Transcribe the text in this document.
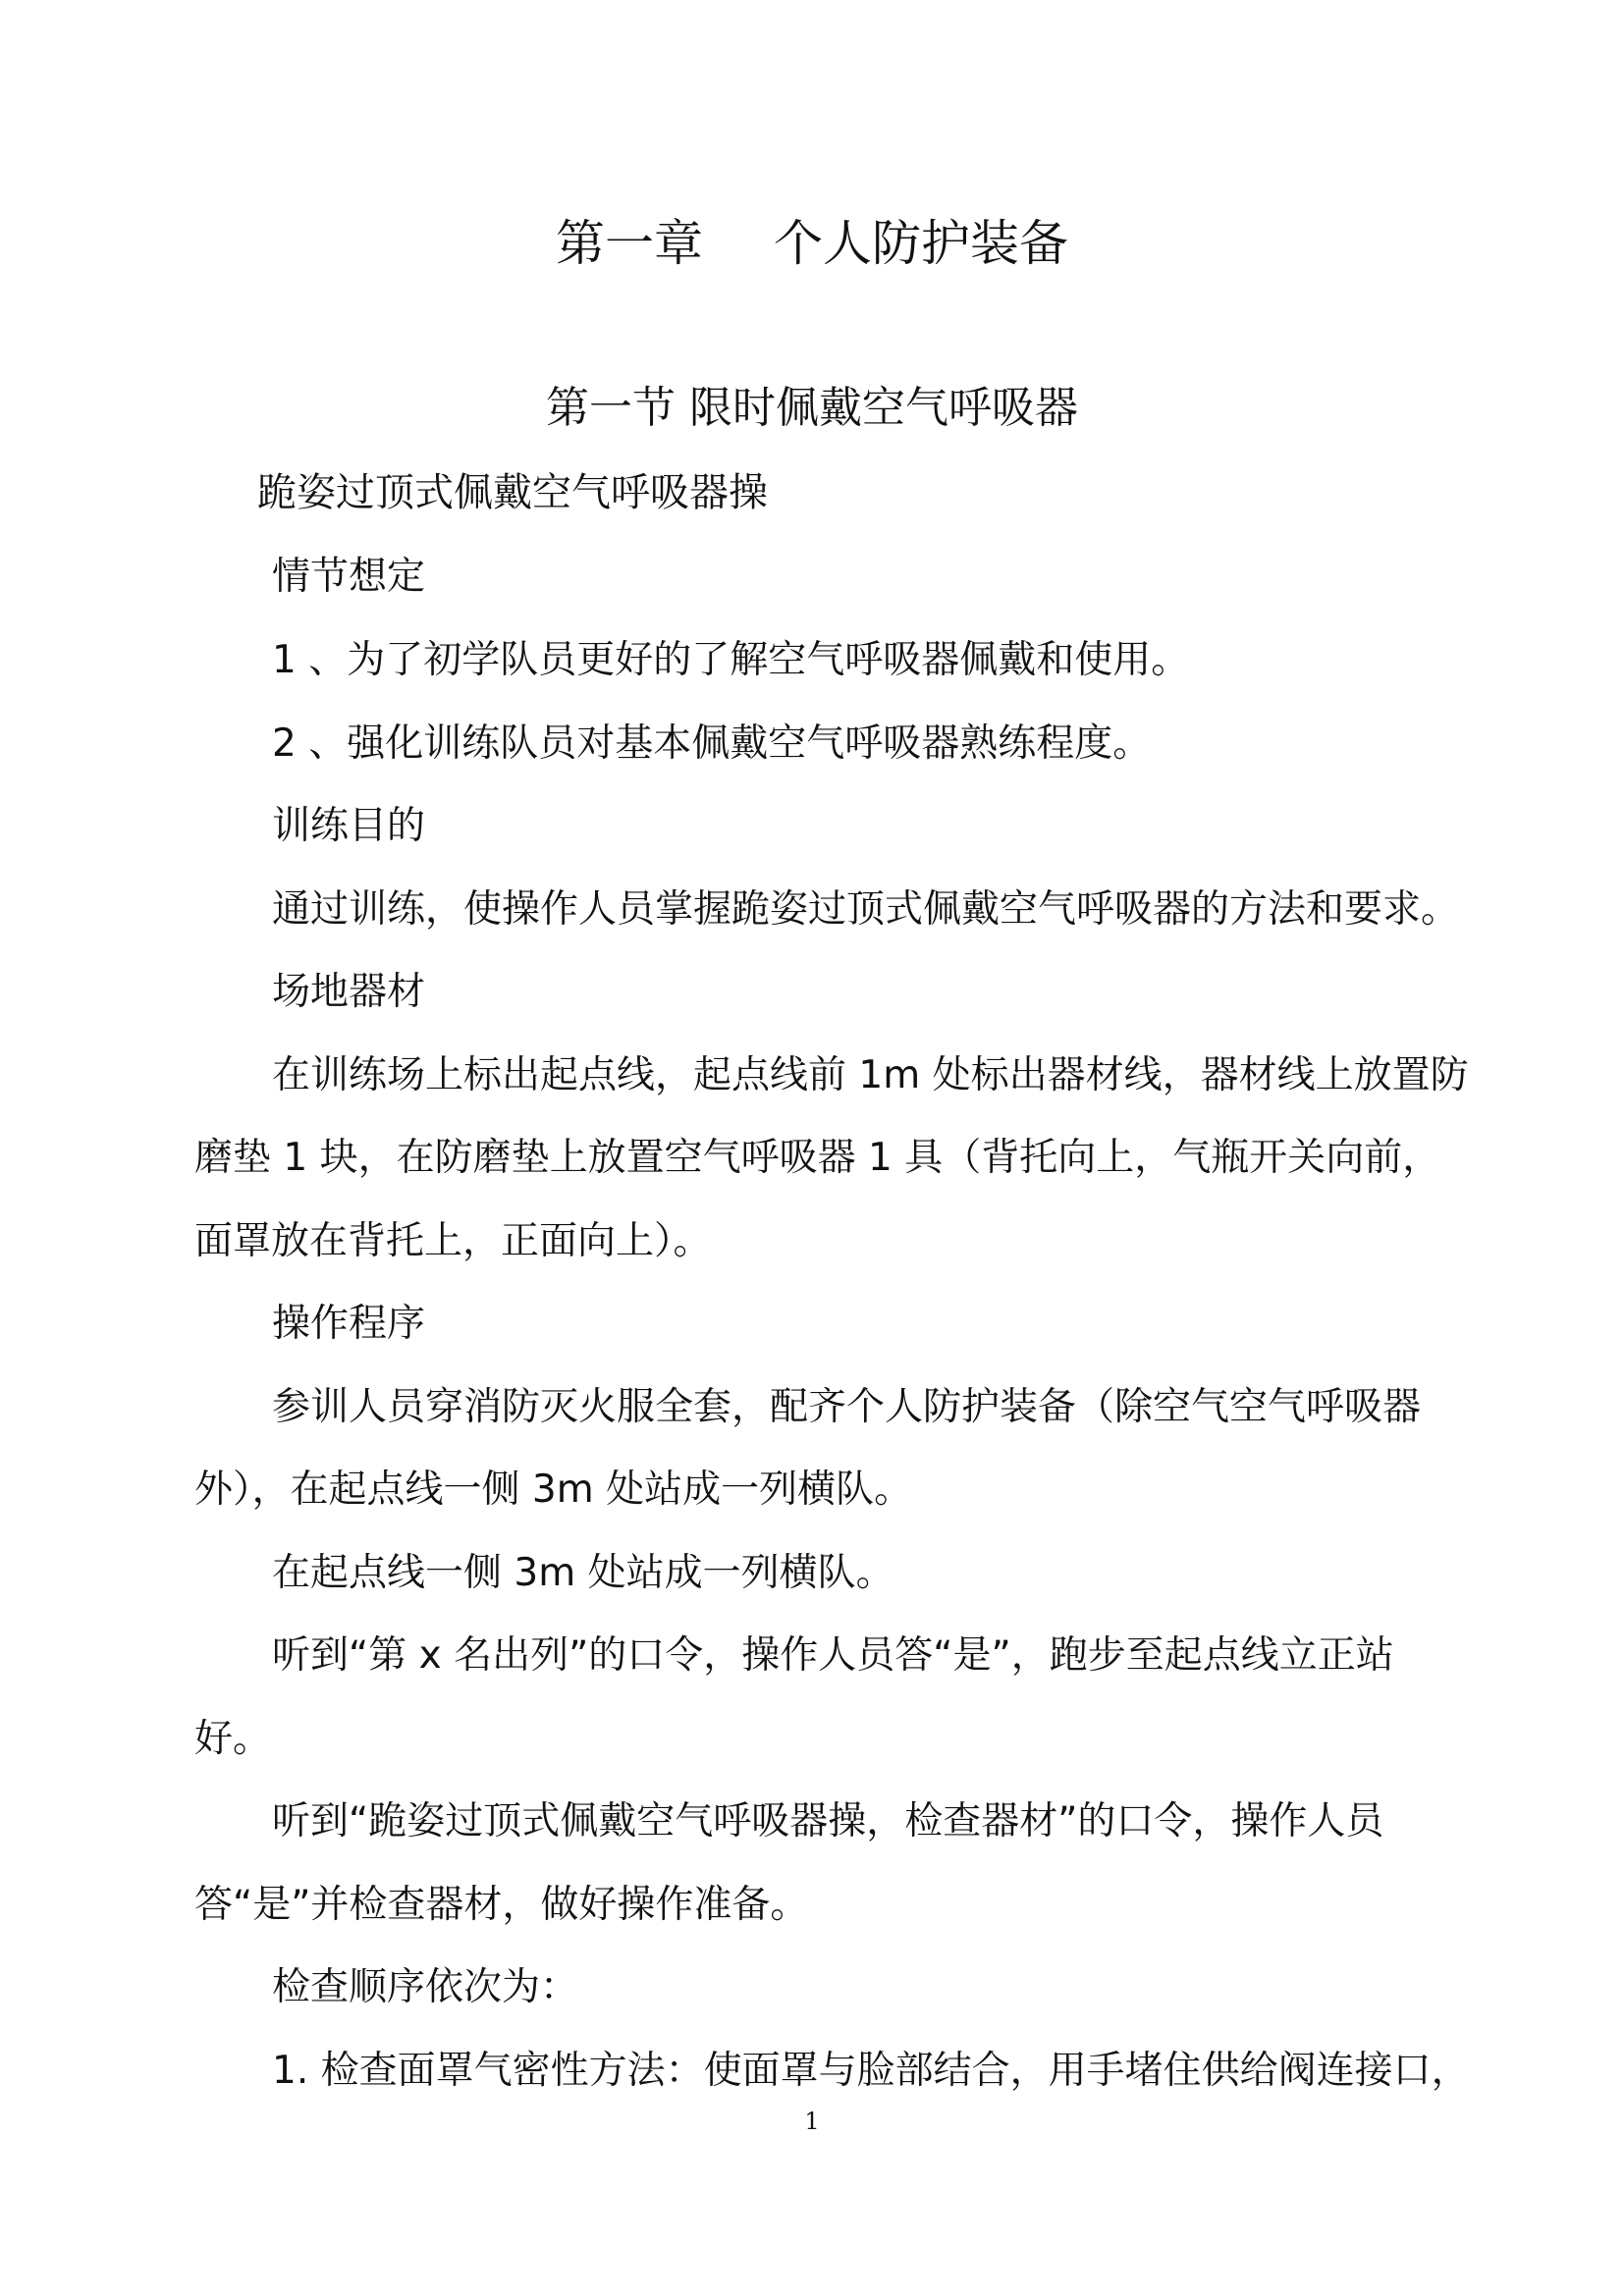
第一章 个人防护装备
第一节 限时佩戴空气呼吸器

跪姿过顶式佩戴空气呼吸器操

情节想定

1 、为了初学队员更好的了解空气呼吸器佩戴和使用。

2 、强化训练队员对基本佩戴空气呼吸器熟练程度。

训练目的

通过训练，使操作人员掌握跪姿过顶式佩戴空气呼吸器的方法和要求。

场地器材

在训练场上标出起点线，起点线前 1m 处标出器材线，器材线上放置防

磨垫 1 块，在防磨垫上放置空气呼吸器 1 具（背托向上，气瓶开关向前，

面罩放在背托上，正面向上）。

操作程序

参训人员穿消防灭火服全套，配齐个人防护装备（除空气空气呼吸器

外），在起点线一侧 3m 处站成一列横队。

在起点线一侧 3m 处站成一列横队。

听到“第 x 名出列”的口令，操作人员答“是”，跑步至起点线立正站

好。

听到“跪姿过顶式佩戴空气呼吸器操，检查器材”的口令，操作人员

答“是”并检查器材，做好操作准备。

检查顺序依次为：

1. 检查面罩气密性方法：使面罩与脸部结合，用手堵住供给阀连接口，

1
